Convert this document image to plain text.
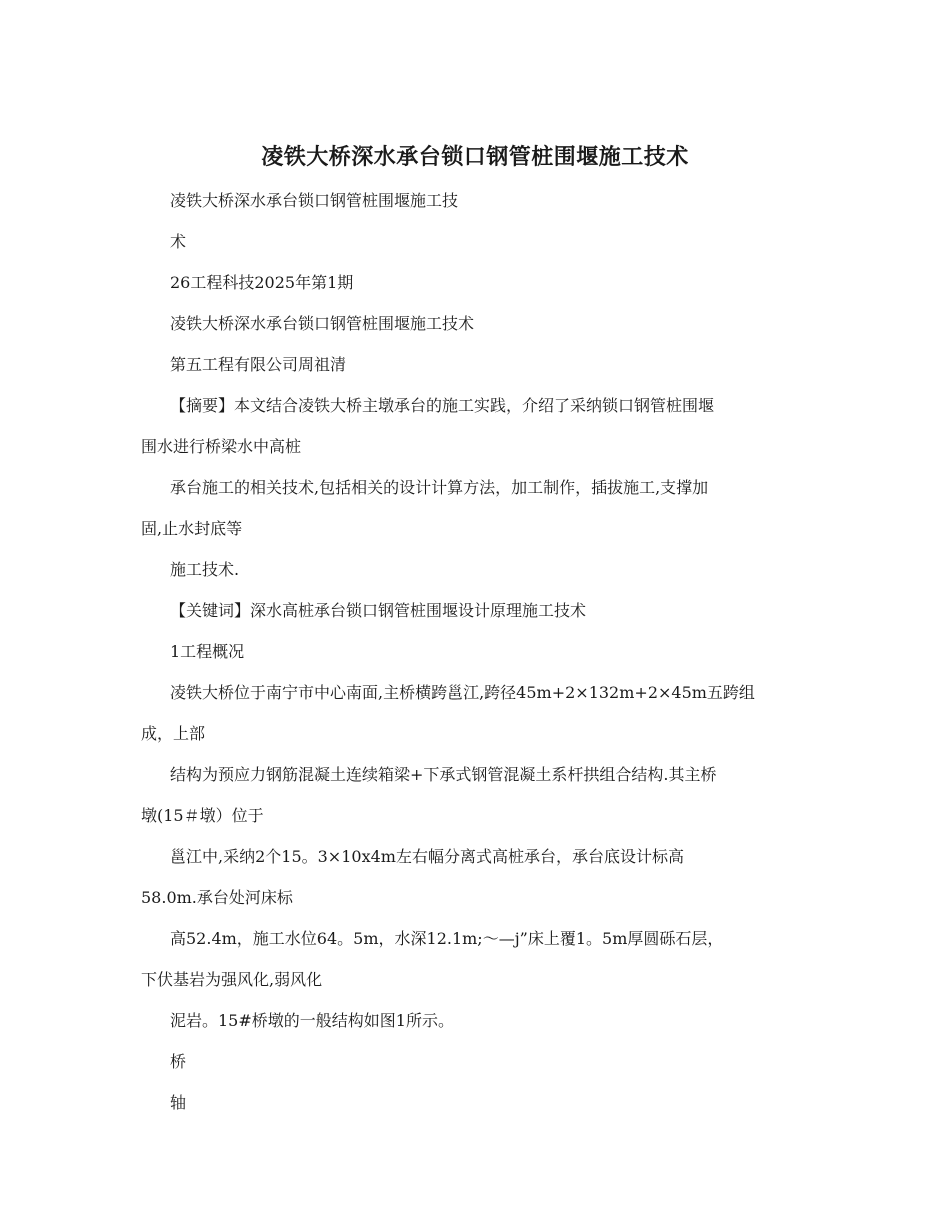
凌铁大桥深水承台锁口钢管桩围堰施工技术

凌铁大桥深水承台锁口钢管桩围堰施工技

术

26工程科技2025年第1期

凌铁大桥深水承台锁口钢管桩围堰施工技术

第五工程有限公司周祖清

【摘要】本文结合凌铁大桥主墩承台的施工实践，介绍了采纳锁口钢管桩围堰

围水进行桥梁水中高桩

承台施工的相关技术,包括相关的设计计算方法，加工制作，插拔施工,支撑加

固,止水封底等

施工技术.

【关键词】深水高桩承台锁口钢管桩围堰设计原理施工技术

1工程概况

凌铁大桥位于南宁市中心南面,主桥横跨邕江,跨径45m+2×132m+2×45m五跨组

成，上部

结构为预应力钢筋混凝土连续箱梁+下承式钢管混凝土系杆拱组合结构.其主桥

墩(15＃墩）位于

邕江中,采纳2个15。3×10x4m左右幅分离式高桩承台，承台底设计标高

58.0m.承台处河床标

高52.4m，施工水位64。5m，水深12.1m;～—j”床上覆1。5m厚圆砾石层，

下伏基岩为强风化,弱风化

泥岩。15#桥墩的一般结构如图1所示。

桥

轴
